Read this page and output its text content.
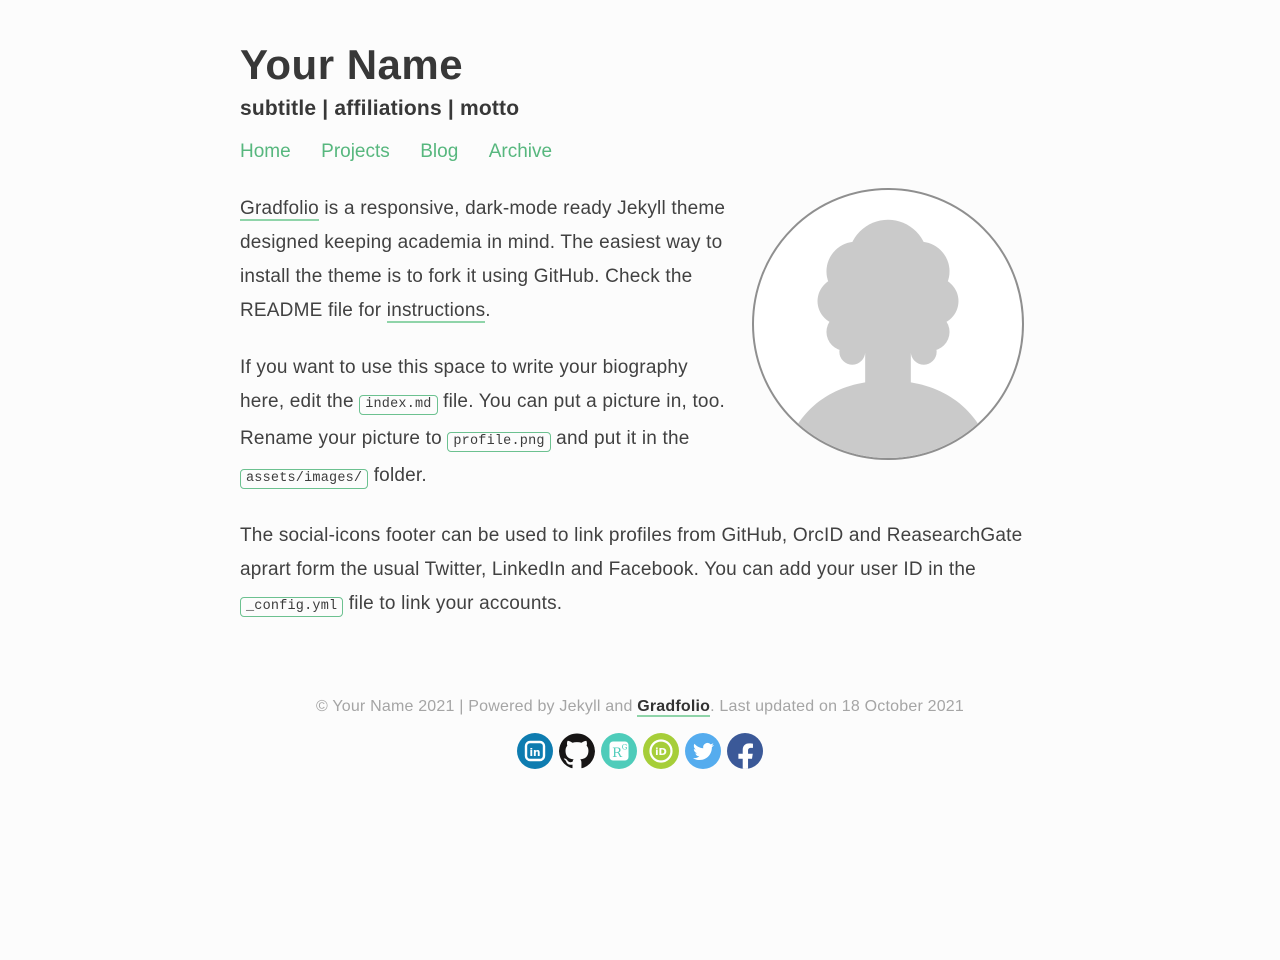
Your Name
subtitle | affiliations | motto
Home Projects Blog Archive

Gradfolio is a responsive, dark-mode ready Jekyll theme designed keeping academia in mind. The easiest way to install the theme is to fork it using GitHub. Check the README file for instructions.

If you want to use this space to write your biography here, edit the index.md file. You can put a picture in, too. Rename your picture to profile.png and put it in the assets/images/ folder.

The social-icons footer can be used to link profiles from GitHub, OrcID and ReasearchGate aprart form the usual Twitter, LinkedIn and Facebook. You can add your user ID in the _config.yml file to link your accounts.

© Your Name 2021 | Powered by Jekyll and Gradfolio. Last updated on 18 October 2021
in	R G	iD
